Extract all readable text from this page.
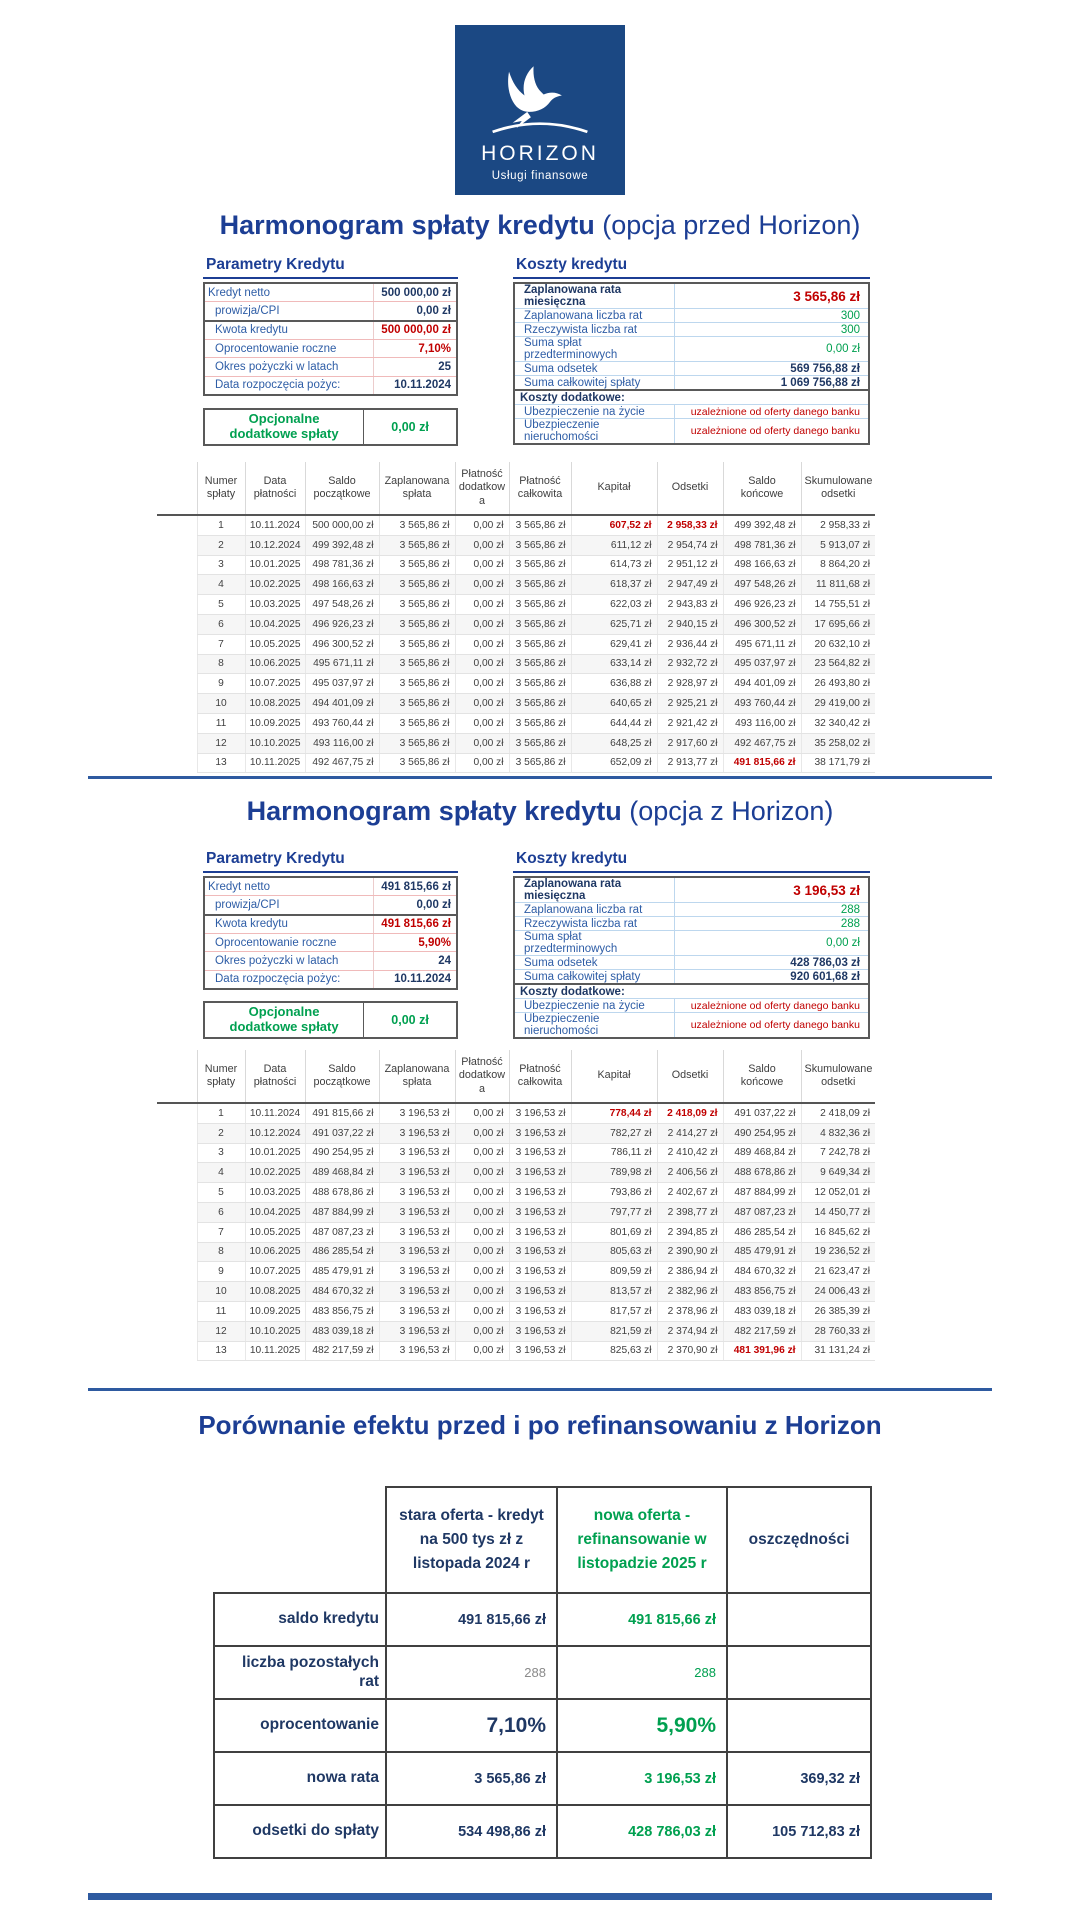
HORIZON
Usługi finansowe
Harmonogram spłaty kredytu (opcja przed Horizon)
Parametry Kredytu
Kredyt netto	500 000,00 zł
prowizja/CPI	0,00 zł
Kwota kredytu	500 000,00 zł
Oprocentowanie roczne	7,10%
Okres pożyczki w latach	25
Data rozpoczęcia pożyc:	10.11.2024
Koszty kredytu
Zaplanowana rata miesięczna	3 565,86 zł
Zaplanowana liczba rat	300
Rzeczywista liczba rat	300
Suma spłat przedterminowych	0,00 zł
Suma odsetek	569 756,88 zł
Suma całkowitej spłaty	1 069 756,88 zł
Koszty dodatkowe:
Ubezpieczenie na życie	uzależnione od oferty danego banku
Ubezpieczenie nieruchomości	uzależnione od oferty danego banku
Opcjonalne dodatkowe spłaty	0,00 zł
	Numer spłaty	Data płatności	Saldo początkowe	Zaplanowana spłata	Płatność dodatkowa	Płatność całkowita	Kapitał	Odsetki	Saldo końcowe	Skumulowane odsetki
	1	10.11.2024	500 000,00 zł	3 565,86 zł	0,00 zł	3 565,86 zł	607,52 zł	2 958,33 zł	499 392,48 zł	2 958,33 zł
	2	10.12.2024	499 392,48 zł	3 565,86 zł	0,00 zł	3 565,86 zł	611,12 zł	2 954,74 zł	498 781,36 zł	5 913,07 zł
	3	10.01.2025	498 781,36 zł	3 565,86 zł	0,00 zł	3 565,86 zł	614,73 zł	2 951,12 zł	498 166,63 zł	8 864,20 zł
	4	10.02.2025	498 166,63 zł	3 565,86 zł	0,00 zł	3 565,86 zł	618,37 zł	2 947,49 zł	497 548,26 zł	11 811,68 zł
	5	10.03.2025	497 548,26 zł	3 565,86 zł	0,00 zł	3 565,86 zł	622,03 zł	2 943,83 zł	496 926,23 zł	14 755,51 zł
	6	10.04.2025	496 926,23 zł	3 565,86 zł	0,00 zł	3 565,86 zł	625,71 zł	2 940,15 zł	496 300,52 zł	17 695,66 zł
	7	10.05.2025	496 300,52 zł	3 565,86 zł	0,00 zł	3 565,86 zł	629,41 zł	2 936,44 zł	495 671,11 zł	20 632,10 zł
	8	10.06.2025	495 671,11 zł	3 565,86 zł	0,00 zł	3 565,86 zł	633,14 zł	2 932,72 zł	495 037,97 zł	23 564,82 zł
	9	10.07.2025	495 037,97 zł	3 565,86 zł	0,00 zł	3 565,86 zł	636,88 zł	2 928,97 zł	494 401,09 zł	26 493,80 zł
	10	10.08.2025	494 401,09 zł	3 565,86 zł	0,00 zł	3 565,86 zł	640,65 zł	2 925,21 zł	493 760,44 zł	29 419,00 zł
	11	10.09.2025	493 760,44 zł	3 565,86 zł	0,00 zł	3 565,86 zł	644,44 zł	2 921,42 zł	493 116,00 zł	32 340,42 zł
	12	10.10.2025	493 116,00 zł	3 565,86 zł	0,00 zł	3 565,86 zł	648,25 zł	2 917,60 zł	492 467,75 zł	35 258,02 zł
	13	10.11.2025	492 467,75 zł	3 565,86 zł	0,00 zł	3 565,86 zł	652,09 zł	2 913,77 zł	491 815,66 zł	38 171,79 zł
Harmonogram spłaty kredytu (opcja z Horizon)
Parametry Kredytu
Kredyt netto	491 815,66 zł
prowizja/CPI	0,00 zł
Kwota kredytu	491 815,66 zł
Oprocentowanie roczne	5,90%
Okres pożyczki w latach	24
Data rozpoczęcia pożyc:	10.11.2024
Koszty kredytu
Zaplanowana rata miesięczna	3 196,53 zł
Zaplanowana liczba rat	288
Rzeczywista liczba rat	288
Suma spłat przedterminowych	0,00 zł
Suma odsetek	428 786,03 zł
Suma całkowitej spłaty	920 601,68 zł
Koszty dodatkowe:
Ubezpieczenie na życie	uzależnione od oferty danego banku
Ubezpieczenie nieruchomości	uzależnione od oferty danego banku
Opcjonalne dodatkowe spłaty	0,00 zł
	Numer spłaty	Data płatności	Saldo początkowe	Zaplanowana spłata	Płatność dodatkowa	Płatność całkowita	Kapitał	Odsetki	Saldo końcowe	Skumulowane odsetki
	1	10.11.2024	491 815,66 zł	3 196,53 zł	0,00 zł	3 196,53 zł	778,44 zł	2 418,09 zł	491 037,22 zł	2 418,09 zł
	2	10.12.2024	491 037,22 zł	3 196,53 zł	0,00 zł	3 196,53 zł	782,27 zł	2 414,27 zł	490 254,95 zł	4 832,36 zł
	3	10.01.2025	490 254,95 zł	3 196,53 zł	0,00 zł	3 196,53 zł	786,11 zł	2 410,42 zł	489 468,84 zł	7 242,78 zł
	4	10.02.2025	489 468,84 zł	3 196,53 zł	0,00 zł	3 196,53 zł	789,98 zł	2 406,56 zł	488 678,86 zł	9 649,34 zł
	5	10.03.2025	488 678,86 zł	3 196,53 zł	0,00 zł	3 196,53 zł	793,86 zł	2 402,67 zł	487 884,99 zł	12 052,01 zł
	6	10.04.2025	487 884,99 zł	3 196,53 zł	0,00 zł	3 196,53 zł	797,77 zł	2 398,77 zł	487 087,23 zł	14 450,77 zł
	7	10.05.2025	487 087,23 zł	3 196,53 zł	0,00 zł	3 196,53 zł	801,69 zł	2 394,85 zł	486 285,54 zł	16 845,62 zł
	8	10.06.2025	486 285,54 zł	3 196,53 zł	0,00 zł	3 196,53 zł	805,63 zł	2 390,90 zł	485 479,91 zł	19 236,52 zł
	9	10.07.2025	485 479,91 zł	3 196,53 zł	0,00 zł	3 196,53 zł	809,59 zł	2 386,94 zł	484 670,32 zł	21 623,47 zł
	10	10.08.2025	484 670,32 zł	3 196,53 zł	0,00 zł	3 196,53 zł	813,57 zł	2 382,96 zł	483 856,75 zł	24 006,43 zł
	11	10.09.2025	483 856,75 zł	3 196,53 zł	0,00 zł	3 196,53 zł	817,57 zł	2 378,96 zł	483 039,18 zł	26 385,39 zł
	12	10.10.2025	483 039,18 zł	3 196,53 zł	0,00 zł	3 196,53 zł	821,59 zł	2 374,94 zł	482 217,59 zł	28 760,33 zł
	13	10.11.2025	482 217,59 zł	3 196,53 zł	0,00 zł	3 196,53 zł	825,63 zł	2 370,90 zł	481 391,96 zł	31 131,24 zł
Porównanie efektu przed i po refinansowaniu z Horizon
	stara oferta - kredyt na 500 tys zł z listopada 2024 r	nowa oferta - refinansowanie w listopadzie 2025 r	oszczędności
saldo kredytu	491 815,66 zł	491 815,66 zł	
liczba pozostałych rat	288	288	
oprocentowanie	7,10%	5,90%	
nowa rata	3 565,86 zł	3 196,53 zł	369,32 zł
odsetki do spłaty	534 498,86 zł	428 786,03 zł	105 712,83 zł
